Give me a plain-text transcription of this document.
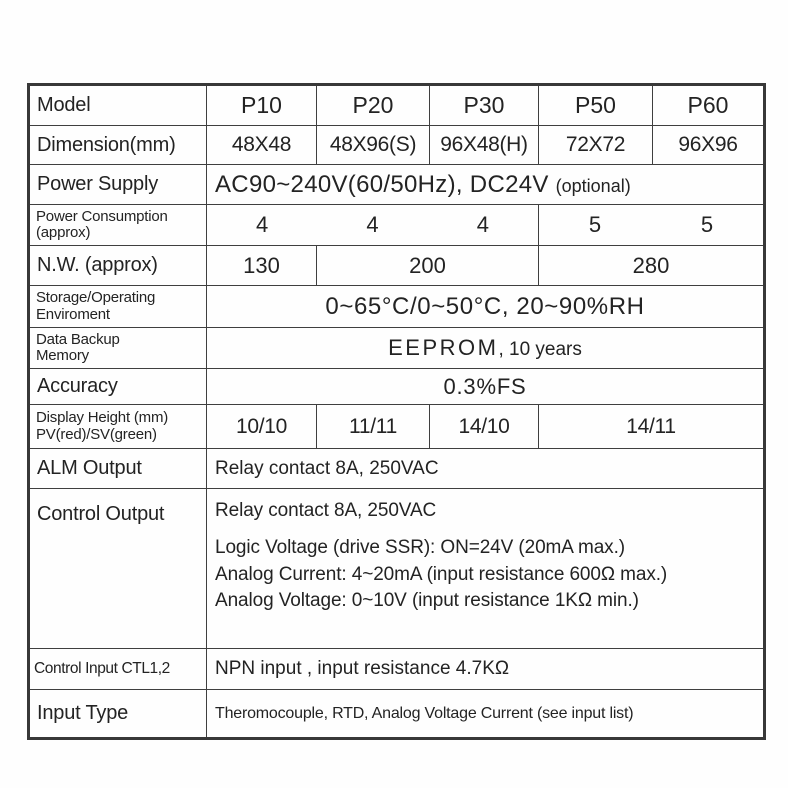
Model	P10	P20	P30	P50	P60
Dimension(mm)	48X48	48X96(S)	96X48(H)	72X72	96X96
Power Supply	AC90~240V(60/50Hz), DC24V (optional)				

Power Consumption
(approx)	4	4	4	5	5

N.W. (approx)	130	200		280	

Storage/Operating
Enviroment	0~65°C/0~50°C, 20~90%RH				

Data Backup
Memory	EEPROM, 10 years				
Accuracy	0.3%FS				

Display Height (mm)
PV(red)/SV(green)	10/10	11/11	14/10	14/11	
ALM Output	Relay contact 8A, 250VAC				
Control Output	Relay contact 8A, 250VAC
Logic Voltage (drive SSR): ON=24V (20mA max.)
Analog Current: 4~20mA (input resistance 600Ω max.)
Analog Voltage: 0~10V (input resistance 1KΩ min.)				

Control Input CTL1,2	NPN input , input resistance 4.7KΩ				
Input Type	Theromocouple, RTD, Analog Voltage Current (see input list)				
